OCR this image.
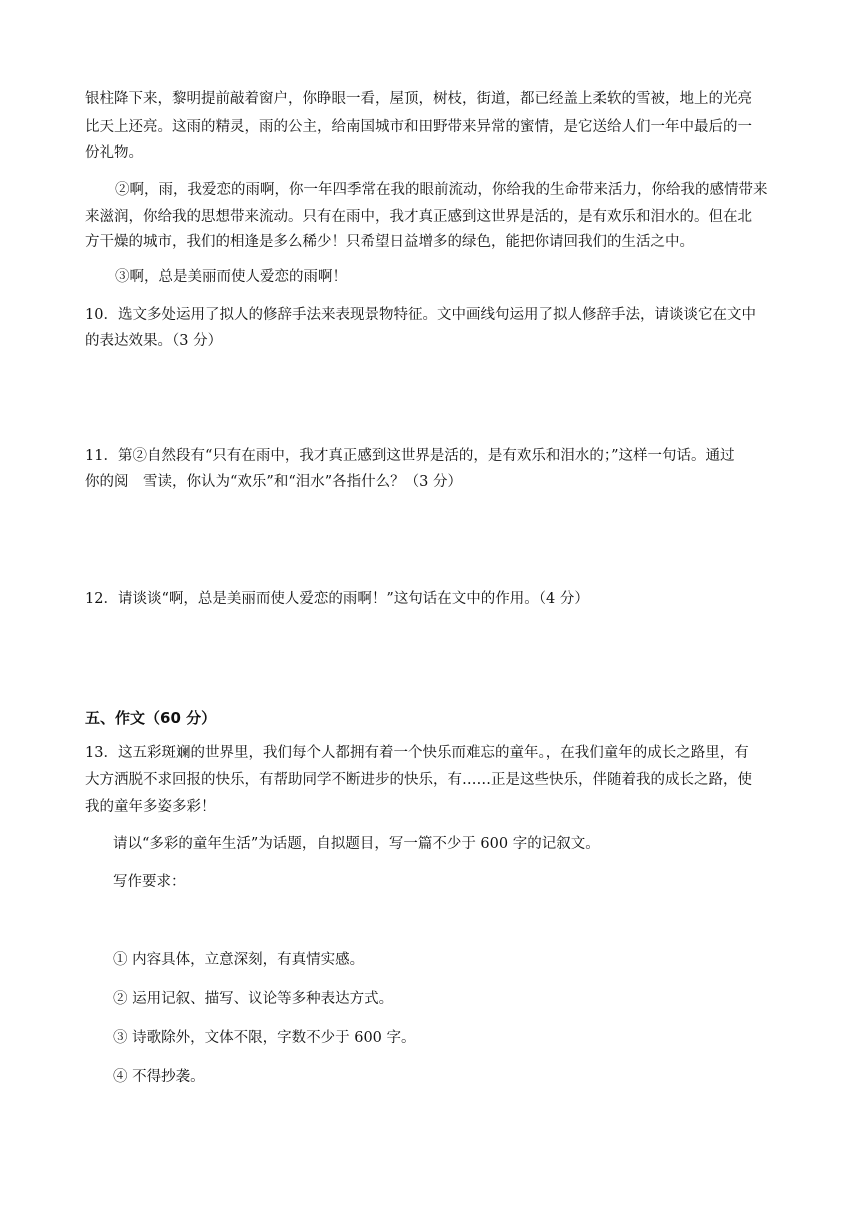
银柱降下来，黎明提前敲着窗户，你睁眼一看，屋顶，树枝，街道，都已经盖上柔软的雪被，地上的光亮
比天上还亮。这雨的精灵，雨的公主，给南国城市和田野带来异常的蜜情，是它送给人们一年中最后的一
份礼物。
②啊，雨，我爱恋的雨啊，你一年四季常在我的眼前流动，你给我的生命带来活力，你给我的感情带来
来滋润，你给我的思想带来流动。只有在雨中，我才真正感到这世界是活的，是有欢乐和泪水的。但在北
方干燥的城市，我们的相逢是多么稀少！只希望日益增多的绿色，能把你请回我们的生活之中。
③啊，总是美丽而使人爱恋的雨啊！
10．选文多处运用了拟人的修辞手法来表现景物特征。文中画线句运用了拟人修辞手法，请谈谈它在文中
的表达效果。（3 分）
11．第②自然段有“只有在雨中，我才真正感到这世界是活的，是有欢乐和泪水的；”这样一句话。通过
你的阅　雪读，你认为“欢乐”和“泪水”各指什么？（3 分）
12．请谈谈“啊，总是美丽而使人爱恋的雨啊！”这句话在文中的作用。（4 分）
五、作文（60 分）
13．这五彩斑斓的世界里，我们每个人都拥有着一个快乐而难忘的童年。，在我们童年的成长之路里，有
大方洒脱不求回报的快乐，有帮助同学不断进步的快乐，有……正是这些快乐，伴随着我的成长之路，使
我的童年多姿多彩！
请以“多彩的童年生活”为话题，自拟题目，写一篇不少于 600 字的记叙文。
写作要求：
① 内容具体，立意深刻，有真情实感。
② 运用记叙、描写、议论等多种表达方式。
③ 诗歌除外，文体不限，字数不少于 600 字。
④ 不得抄袭。
